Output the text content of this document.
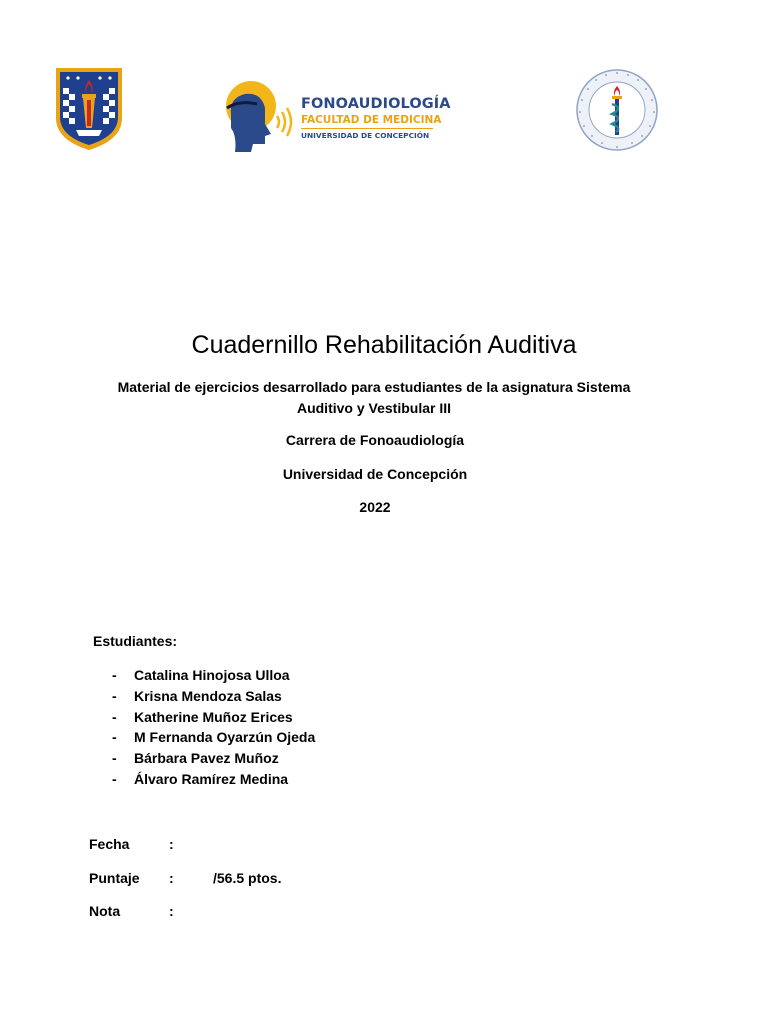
FONOAUDIOLOGÍA
FACULTAD DE MEDICINA
UNIVERSIDAD DE CONCEPCIÓN
Cuadernillo Rehabilitación Auditiva
Material de ejercicios desarrollado para estudiantes de la asignatura Sistema
Auditivo y Vestibular III
Carrera de Fonoaudiología
Universidad de Concepción
2022
Estudiantes:
- Catalina Hinojosa Ulloa
- Krisna Mendoza Salas
- Katherine Muñoz Erices
- M Fernanda Oyarzún Ojeda
- Bárbara Pavez Muñoz
- Álvaro Ramírez Medina
Fecha	:
Puntaje :	/56.5 ptos.
Nota	:
